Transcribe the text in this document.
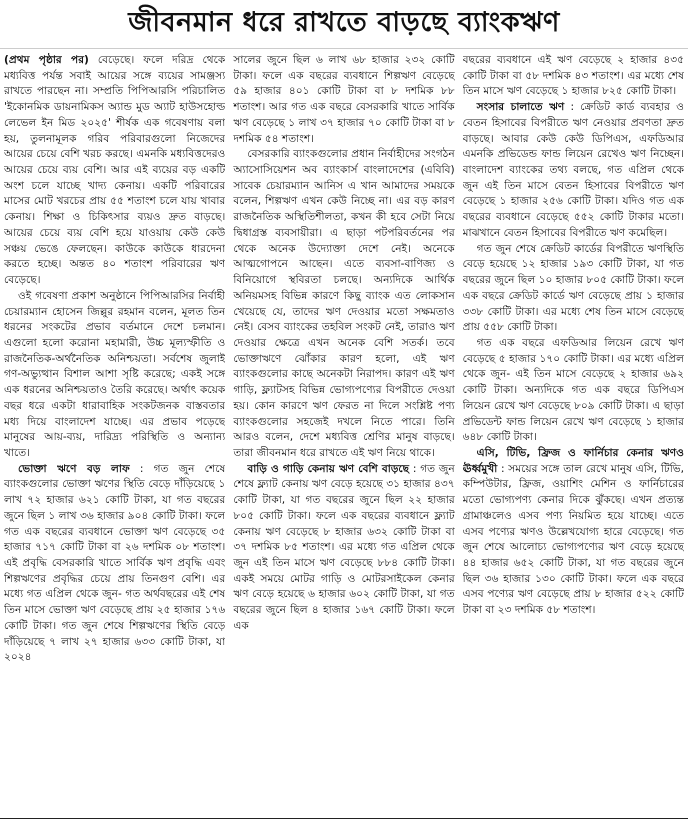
জীবনমান ধরে রাখতে বাড়ছে ব্যাংকঋণ

(প্রথম পৃষ্ঠার পর) বেড়েছে। ফলে দরিদ্র থেকে মধ্যবিত্ত পর্যন্ত সবাই আয়ের সঙ্গে ব্যয়ের সামঞ্জস্য রাখতে পারছেন না। সম্প্রতি পিপিআরসি পরিচালিত 'ইকোনমিক ডায়নামিকস অ্যান্ড মুড অ্যাট হাউসহোল্ড লেভেল ইন মিড ২০২৫' শীর্ষক এক গবেষণায় বলা হয়, তুলনামূলক গরিব পরিবারগুলো নিজেদের আয়ের চেয়ে বেশি খরচ করছে। এমনকি মধ্যবিত্তদেরও আয়ের চেয়ে ব্যয় বেশি। আর এই ব্যয়ের বড় একটি অংশ চলে যাচ্ছে খাদ্য কেনায়। একটি পরিবারের মাসের মোট খরচের প্রায় ৫৫ শতাংশ চলে যায় খাবার কেনায়। শিক্ষা ও চিকিৎসার ব্যয়ও দ্রুত বাড়ছে। আয়ের চেয়ে ব্যয় বেশি হয়ে যাওয়ায় কেউ কেউ সঞ্চয় ভেঙে ফেলছেন। কাউকে কাউকে ধারদেনা করতে হচ্ছে। অন্তত ৪০ শতাংশ পরিবারের ঋণ বেড়েছে।

ওই গবেষণা প্রকাশ অনুষ্ঠানে পিপিআরসির নির্বাহী চেয়ারম্যান হোসেন জিল্লুর রহমান বলেন, মূলত তিন ধরনের সংকটের প্রভাব বর্তমানে দেশে চলমান। এগুলো হলো করোনা মহামারী, উচ্চ মূল্যস্ফীতি ও রাজনৈতিক-অর্থনৈতিক অনিশ্চয়তা। সর্বশেষ জুলাই গণ-অভ্যুত্থান বিশাল আশা সৃষ্টি করেছে; একই সঙ্গে এক ধরনের অনিশ্চয়তাও তৈরি করেছে। অর্থাৎ কয়েক বছর ধরে একটা ধারাবাহিক সংকটজনক বাস্তবতার মধ্য দিয়ে বাংলাদেশ যাচ্ছে। এর প্রভাব পড়েছে মানুষের আয়-ব্যয়, দারিদ্র্য পরিস্থিতি ও অন্যান্য খাতে।

ভোক্তা ঋণে বড় লাফ : গত জুন শেষে ব্যাংকগুলোর ভোক্তা ঋণের স্থিতি বেড়ে দাঁড়িয়েছে ১ লাখ ৭২ হাজার ৬২১ কোটি টাকা, যা গত বছরের জুনে ছিল ১ লাখ ৩৬ হাজার ৯০৪ কোটি টাকা। ফলে গত এক বছরের ব্যবধানে ভোক্তা ঋণ বেড়েছে ৩৫ হাজার ৭১৭ কোটি টাকা বা ২৬ দশমিক ০৮ শতাংশ। এই প্রবৃদ্ধি বেসরকারি খাতে সার্বিক ঋণ প্রবৃদ্ধি এবং শিল্পঋণের প্রবৃদ্ধির চেয়ে প্রায় তিনগুণ বেশি। এর মধ্যে গত এপ্রিল থেকে জুন- গত অর্থবছরের এই শেষ তিন মাসে ভোক্তা ঋণ বেড়েছে প্রায় ২৫ হাজার ১৭৬ কোটি টাকা। গত জুন শেষে শিল্পঋণের স্থিতি বেড়ে দাঁড়িয়েছে ৭ লাখ ২৭ হাজার ৬৩৩ কোটি টাকা, যা ২০২৪

সালের জুনে ছিল ৬ লাখ ৬৮ হাজার ২৩২ কোটি টাকা। ফলে এক বছরের ব্যবধানে শিল্পঋণ বেড়েছে ৫৯ হাজার ৪০১ কোটি টাকা বা ৮ দশমিক ৮৮ শতাংশ। আর গত এক বছরে বেসরকারি খাতে সার্বিক ঋণ বেড়েছে ১ লাখ ৩৭ হাজার ৭০ কোটি টাকা বা ৮ দশমিক ৫৪ শতাংশ।

বেসরকারি ব্যাংকগুলোর প্রধান নির্বাহীদের সংগঠন অ্যাসোসিয়েশন অব ব্যাংকার্স বাংলাদেশের (এবিবি) সাবেক চেয়ারম্যান আনিস এ খান আমাদের সময়কে বলেন, শিল্পঋণ এখন কেউ নিচ্ছে না। এর বড় কারণ রাজনৈতিক অস্থিতিশীলতা, কখন কী হবে সেটা নিয়ে দ্বিধাগ্রস্ত ব্যবসায়ীরা। এ ছাড়া পটপরিবর্তনের পর থেকে অনেক উদ্যোক্তা দেশে নেই। অনেকে আত্মগোপনে আছেন। এতে ব্যবসা-বাণিজ্য ও বিনিয়োগে স্থবিরতা চলছে। অন্যদিকে আর্থিক অনিয়মসহ বিভিন্ন কারণে কিছু ব্যাংক এত লোকসান খেয়েছে যে, তাদের ঋণ দেওয়ার মতো সক্ষমতাও নেই। বেসব ব্যাংকের তহবিল সংকট নেই, তারাও ঋণ দেওয়ার ক্ষেত্রে এখন অনেক বেশি সতর্ক। তবে ভোক্তাঋণে ঝোঁকার কারণ হলো, এই ঋণ ব্যাংকগুলোর কাছে অনেকটা নিরাপদ। কারণ এই ঋণ গাড়ি, ফ্ল্যাটসহ বিভিন্ন ভোগ্যপণ্যের বিপরীতে দেওয়া হয়। কোন কারণে ঋণ ফেরত না দিলে সংশ্লিষ্ট পণ্য ব্যাংকগুলোর সহজেই দখলে নিতে পারে। তিনি আরও বলেন, দেশে মধ্যবিত্ত শ্রেণির মানুষ বাড়ছে। তারা জীবনমান ধরে রাখতে এই ঋণ নিয়ে থাকে।

বাড়ি ও গাড়ি কেনায় ঋণ বেশি বাড়ছে : গত জুন শেষে ফ্ল্যাট কেনায় ঋণ বেড়ে হয়েছে ৩১ হাজার ৪৩৭ কোটি টাকা, যা গত বছরের জুনে ছিল ২২ হাজার ৮০৫ কোটি টাকা। ফলে এক বছরের ব্যবধানে ফ্ল্যাট কেনায় ঋণ বেড়েছে ৮ হাজার ৬৩২ কোটি টাকা বা ৩৭ দশমিক ৮৫ শতাংশ। এর মধ্যে গত এপ্রিল থেকে জুন এই তিন মাসে ঋণ বেড়েছে ৮৮৪ কোটি টাকা। একই সময়ে মোটর গাড়ি ও মোটরসাইকেল কেনার ঋণ বেড়ে হয়েছে ৬ হাজার ৬০২ কোটি টাকা, যা গত বছরের জুনে ছিল ৪ হাজার ১৬৭ কোটি টাকা। ফলে এক

বছরের ব্যবধানে এই ঋণ বেড়েছে ২ হাজার ৪৩৫ কোটি টাকা বা ৫৮ দশমিক ৪৩ শতাংশ। এর মধ্যে শেষ তিন মাসে ঋণ বেড়েছে ১ হাজার ৮২৫ কোটি টাকা।

সংসার চালাতে ঋণ : ক্রেডিট কার্ড ব্যবহার ও বেতন হিসাবের বিপরীতে ঋণ নেওয়ার প্রবণতা দ্রুত বাড়ছে। আবার কেউ কেউ ডিপিএস, এফডিআর এমনকি প্রভিডেন্ড ফান্ড লিয়েন রেখেও ঋণ নিচ্ছেন। বাংলাদেশ ব্যাংকের তথ্য বলছে, গত এপ্রিল থেকে জুন এই তিন মাসে বেতন হিসাবের বিপরীতে ঋণ বেড়েছে ১ হাজার ২৫৬ কোটি টাকা। যদিও গত এক বছরের ব্যবধানে বেড়েছে ৫৫২ কোটি টাকার মতো। মাঝখানে বেতন হিসাবের বিপরীতে ঋণ কমেছিল।

গত জুন শেষে ক্রেডিট কার্ডের বিপরীতে ঋণস্থিতি বেড়ে হয়েছে ১২ হাজার ১৯৩ কোটি টাকা, যা গত বছরের জুনে ছিল ১০ হাজার ৮০৫ কোটি টাকা। ফলে এক বছরে ক্রেডিট কার্ডে ঋণ বেড়েছে প্রায় ১ হাজার ৩৩৮ কোটি টাকা। এর মধ্যে শেষ তিন মাসে বেড়েছে প্রায় ৫৫৮ কোটি টাকা।

গত এক বছরে এফডিআর লিয়েন রেখে ঋণ বেড়েছে ৫ হাজার ১৭০ কোটি টাকা। এর মধ্যে এপ্রিল থেকে জুন- এই তিন মাসে বেড়েছে ২ হাজার ৬৯২ কোটি টাকা। অন্যদিকে গত এক বছরে ডিপিএস লিয়েন রেখে ঋণ বেড়েছে ৮০৯ কোটি টাকা। এ ছাড়া প্রভিডেন্ট ফান্ড লিয়েন রেখে ঋণ বেড়েছে ১ হাজার ৬৪৮ কোটি টাকা।

এসি, টিভি, ফ্রিজ ও ফার্নিচার কেনার ঋণও ঊর্ধ্বমুখী : সময়ের সঙ্গে তাল রেখে মানুষ এসি, টিভি, কম্পিউটার, ফ্রিজ, ওয়াশিং মেশিন ও ফার্নিচারের মতো ভোগ্যপণ্য কেনার দিকে ঝুঁকছে। এখন প্রত্যন্ত গ্রামাঞ্চলেও এসব পণ্য নিয়মিত হয়ে যাচ্ছে। এতে এসব পণ্যের ঋণও উল্লেখযোগ্য হারে বেড়েছে। গত জুন শেষে আলোচ্য ভোগ্যপণ্যের ঋণ বেড়ে হয়েছে ৪৪ হাজার ৬৫২ কোটি টাকা, যা গত বছরের জুনে ছিল ৩৬ হাজার ১৩০ কোটি টাকা। ফলে এক বছরে এসব পণ্যের ঋণ বেড়েছে প্রায় ৮ হাজার ৫২২ কোটি টাকা বা ২৩ দশমিক ৫৮ শতাংশ।
